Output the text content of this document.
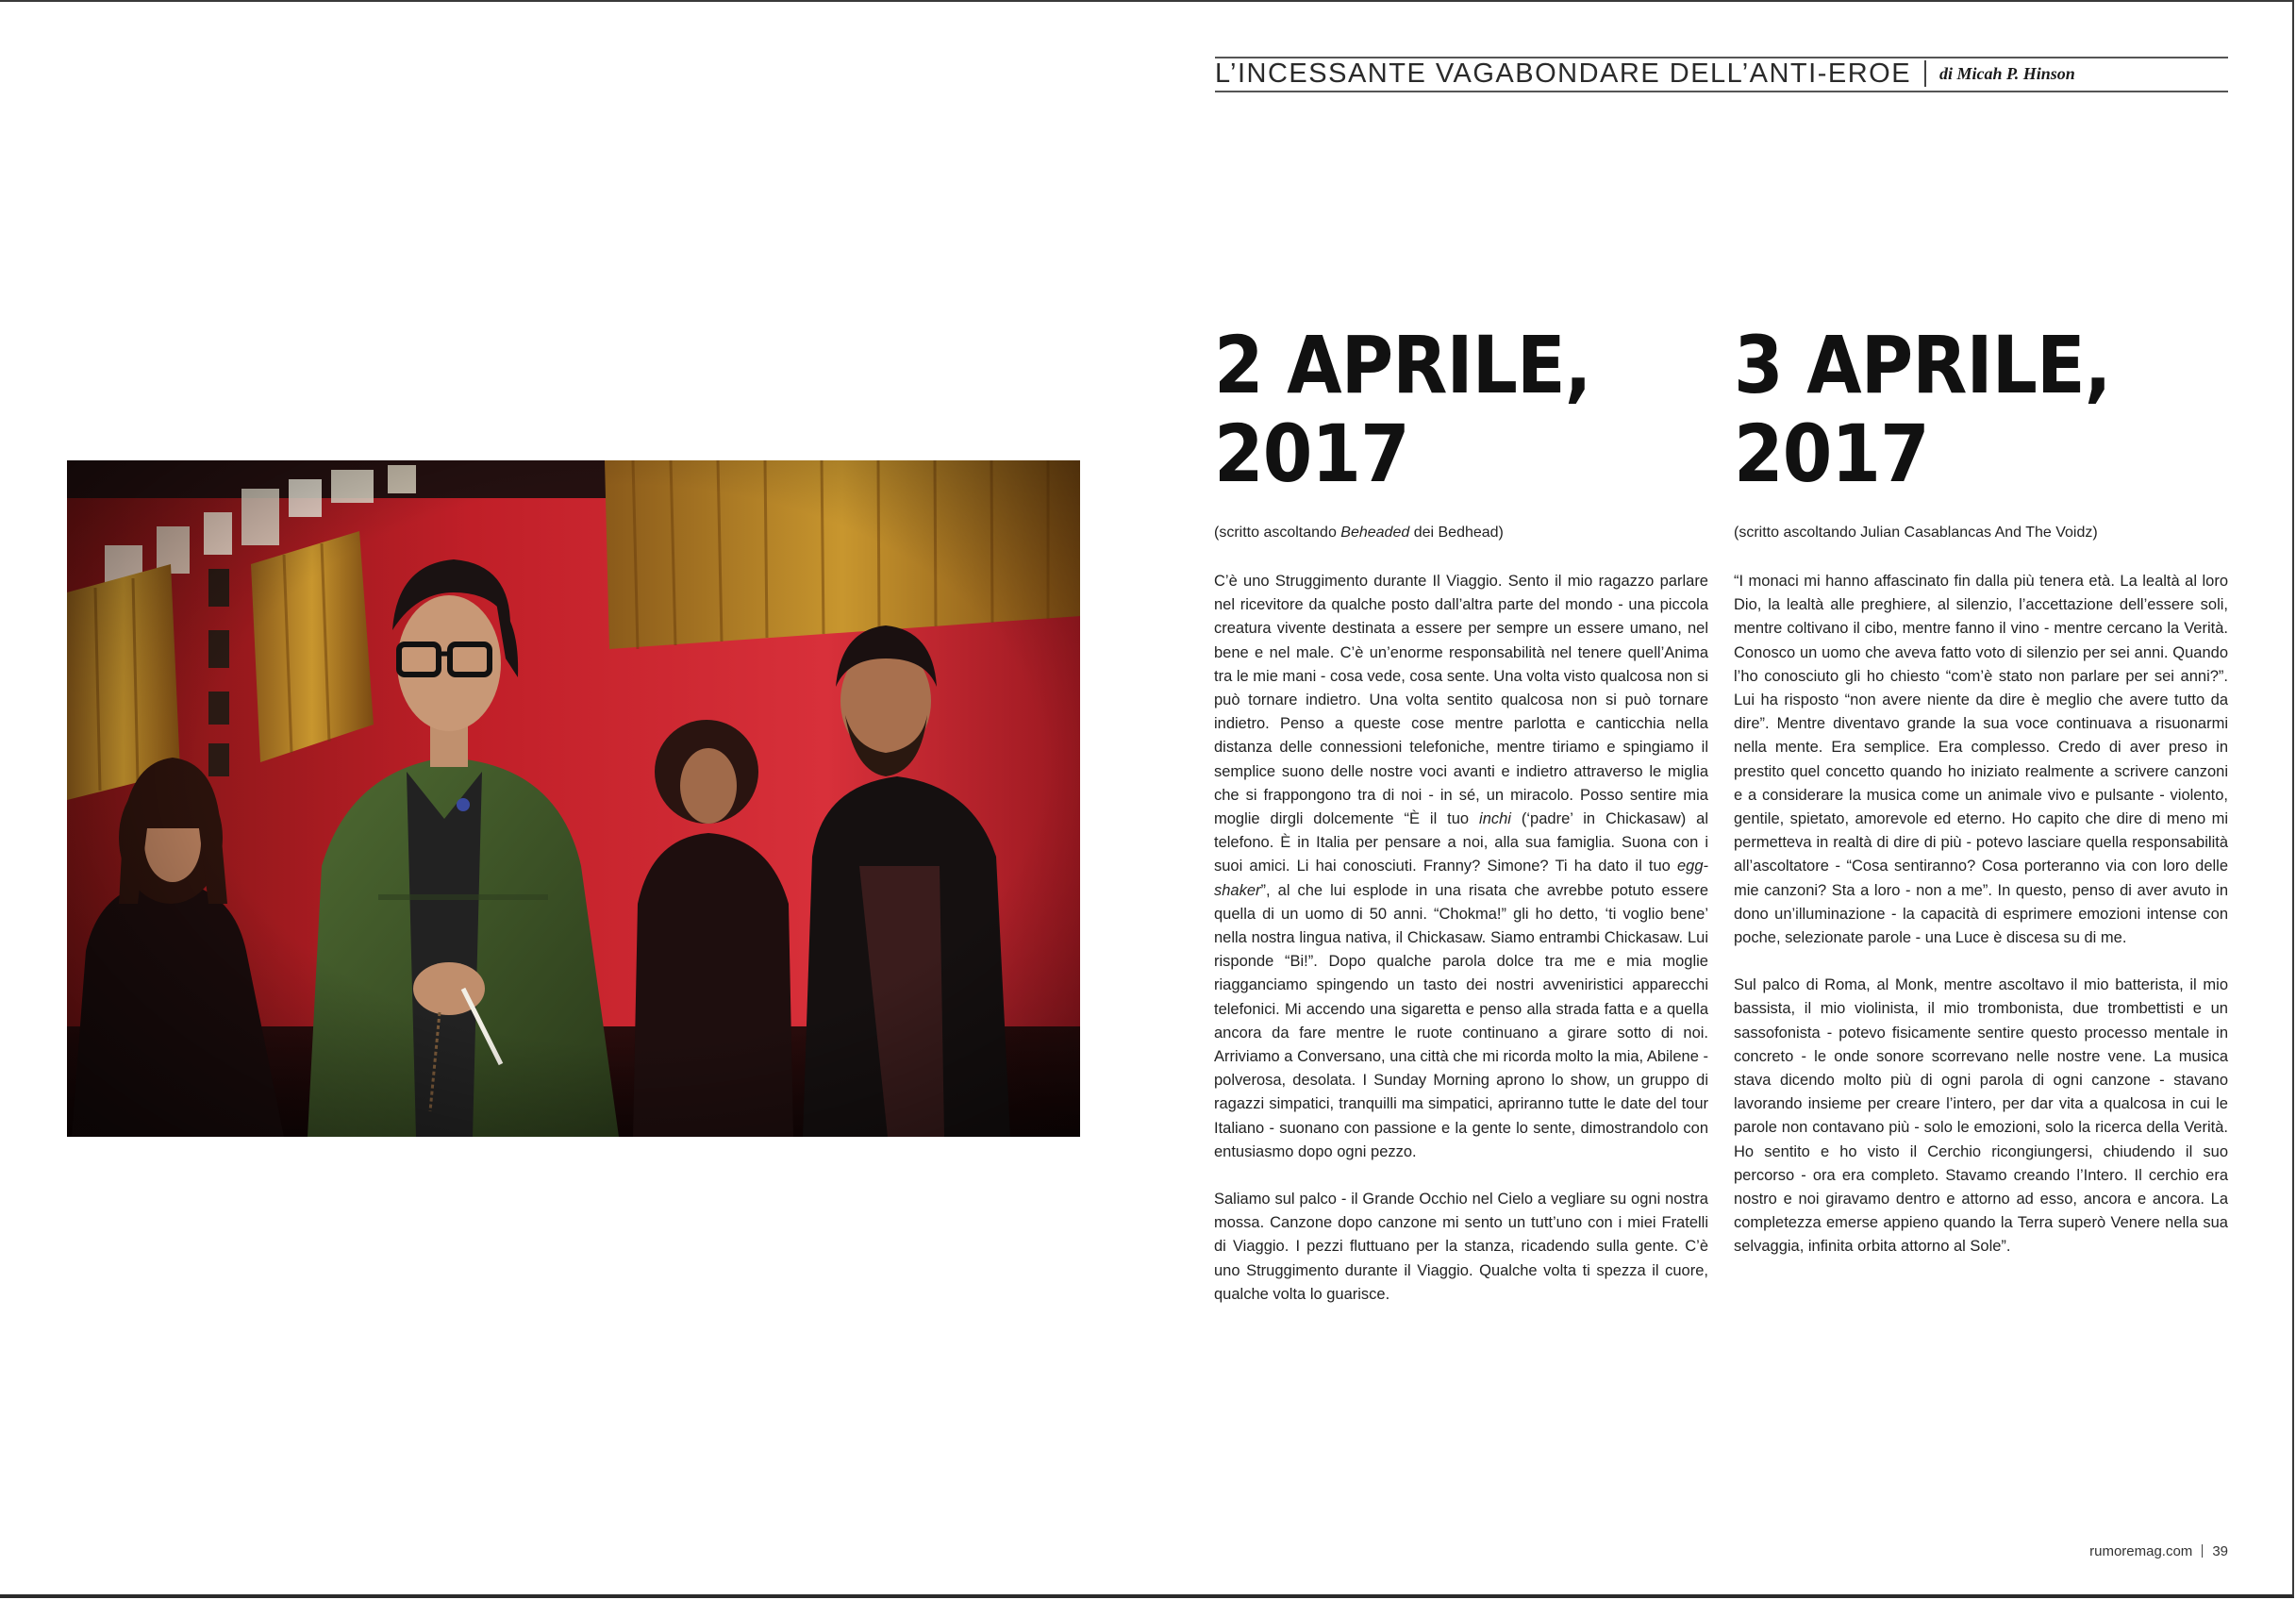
L’INCESSANTE VAGABONDARE DELL’ANTI-EROE di Micah P. Hinson
2 APRILE,
2017
(scritto ascoltando Beheaded dei Bedhead)

C’è uno Struggimento durante Il Viaggio. Sento il mio ragazzo parlare nel ricevitore da qualche posto dall’altra parte del mondo - una piccola creatura vivente destinata a essere per sempre un essere umano, nel bene e nel male. C’è un’enorme responsabilità nel tenere quell’Anima tra le mie mani - cosa vede, cosa sente. Una volta visto qualcosa non si può tornare indietro. Una volta sentito qualcosa non si può tornare indietro. Penso a queste cose mentre parlotta e canticchia nella distanza delle connessioni telefoniche, mentre tiriamo e spingiamo il semplice suono delle nostre voci avanti e indietro attraverso le miglia che si frappongono tra di noi - in sé, un miracolo. Posso sentire mia moglie dirgli dolcemente “È il tuo inchi (‘padre’ in Chickasaw) al telefono. È in Italia per pensare a noi, alla sua famiglia. Suona con i suoi amici. Li hai conosciuti. Franny? Simone? Ti ha dato il tuo egg-shaker”, al che lui esplode in una risata che avrebbe potuto essere quella di un uomo di 50 anni. “Chokma!” gli ho detto, ‘ti voglio bene’ nella nostra lingua nativa, il Chickasaw. Siamo entrambi Chickasaw. Lui risponde “Bi!”. Dopo qualche parola dolce tra me e mia moglie riagganciamo spingendo un tasto dei nostri avveniristici apparecchi telefonici. Mi accendo una sigaretta e penso alla strada fatta e a quella ancora da fare mentre le ruote continuano a girare sotto di noi. Arriviamo a Conversano, una città che mi ricorda molto la mia, Abilene - polverosa, desolata. I Sunday Morning aprono lo show, un gruppo di ragazzi simpatici, tranquilli ma simpatici, apriranno tutte le date del tour Italiano - suonano con passione e la gente lo sente, dimostrandolo con entusiasmo dopo ogni pezzo.

Saliamo sul palco - il Grande Occhio nel Cielo a vegliare su ogni nostra mossa. Canzone dopo canzone mi sento un tutt’uno con i miei Fratelli di Viaggio. I pezzi fluttuano per la stanza, ricadendo sulla gente. C’è uno Struggimento durante il Viaggio. Qualche volta ti spezza il cuore, qualche volta lo guarisce.

3 APRILE,
2017
(scritto ascoltando Julian Casablancas And The Voidz)

“I monaci mi hanno affascinato fin dalla più tenera età. La lealtà al loro Dio, la lealtà alle preghiere, al silenzio, l’accettazione dell’essere soli, mentre coltivano il cibo, mentre fanno il vino - mentre cercano la Verità. Conosco un uomo che aveva fatto voto di silenzio per sei anni. Quando l’ho conosciuto gli ho chiesto “com’è stato non parlare per sei anni?”. Lui ha risposto “non avere niente da dire è meglio che avere tutto da dire”. Mentre diventavo grande la sua voce continuava a risuonarmi nella mente. Era semplice. Era complesso. Credo di aver preso in prestito quel concetto quando ho iniziato realmente a scrivere canzoni e a considerare la musica come un animale vivo e pulsante - violento, gentile, spietato, amorevole ed eterno. Ho capito che dire di meno mi permetteva in realtà di dire di più - potevo lasciare quella responsabilità all’ascoltatore - “Cosa sentiranno? Cosa porteranno via con loro delle mie canzoni? Sta a loro - non a me”. In questo, penso di aver avuto in dono un’illuminazione - la capacità di esprimere emozioni intense con poche, selezionate parole - una Luce è discesa su di me.

Sul palco di Roma, al Monk, mentre ascoltavo il mio batterista, il mio bassista, il mio violinista, il mio trombonista, due trombettisti e un sassofonista - potevo fisicamente sentire questo processo mentale in concreto - le onde sonore scorrevano nelle nostre vene. La musica stava dicendo molto più di ogni parola di ogni canzone - stavano lavorando insieme per creare l’intero, per dar vita a qualcosa in cui le parole non contavano più - solo le emozioni, solo la ricerca della Verità. Ho sentito e ho visto il Cerchio ricongiungersi, chiudendo il suo percorso - ora era completo. Stavamo creando l’Intero. Il cerchio era nostro e noi giravamo dentro e attorno ad esso, ancora e ancora. La completezza emerse appieno quando la Terra superò Venere nella sua selvaggia, infinita orbita attorno al Sole”.

rumoremag.com 39
